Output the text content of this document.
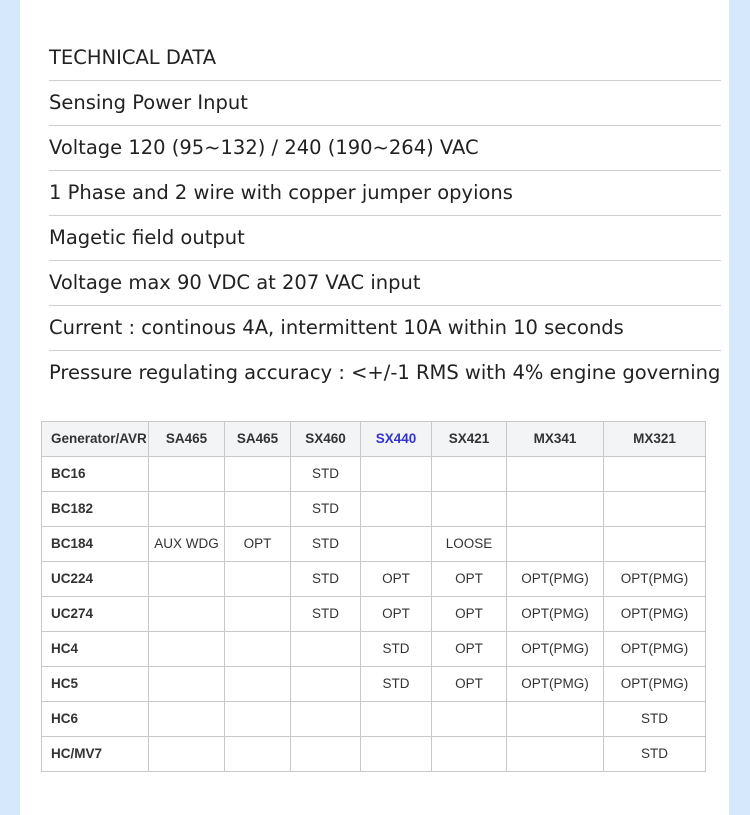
TECHNICAL DATA
Sensing Power Input
Voltage 120 (95~132) / 240 (190~264) VAC
1 Phase and 2 wire with copper jumper opyions
Magetic field output
Voltage max 90 VDC at 207 VAC input
Current : continous 4A, intermittent 10A within 10 seconds
Pressure regulating accuracy : <+/-1 RMS with 4% engine governing
Generator/AVR	SA465	SA465	SX460	SX440	SX421	MX341	MX321
BC16			STD				
BC182			STD				
BC184	AUX WDG	OPT	STD		LOOSE		
UC224			STD	OPT	OPT	OPT(PMG)	OPT(PMG)
UC274			STD	OPT	OPT	OPT(PMG)	OPT(PMG)
HC4				STD	OPT	OPT(PMG)	OPT(PMG)
HC5				STD	OPT	OPT(PMG)	OPT(PMG)
HC6							STD
HC/MV7							STD
